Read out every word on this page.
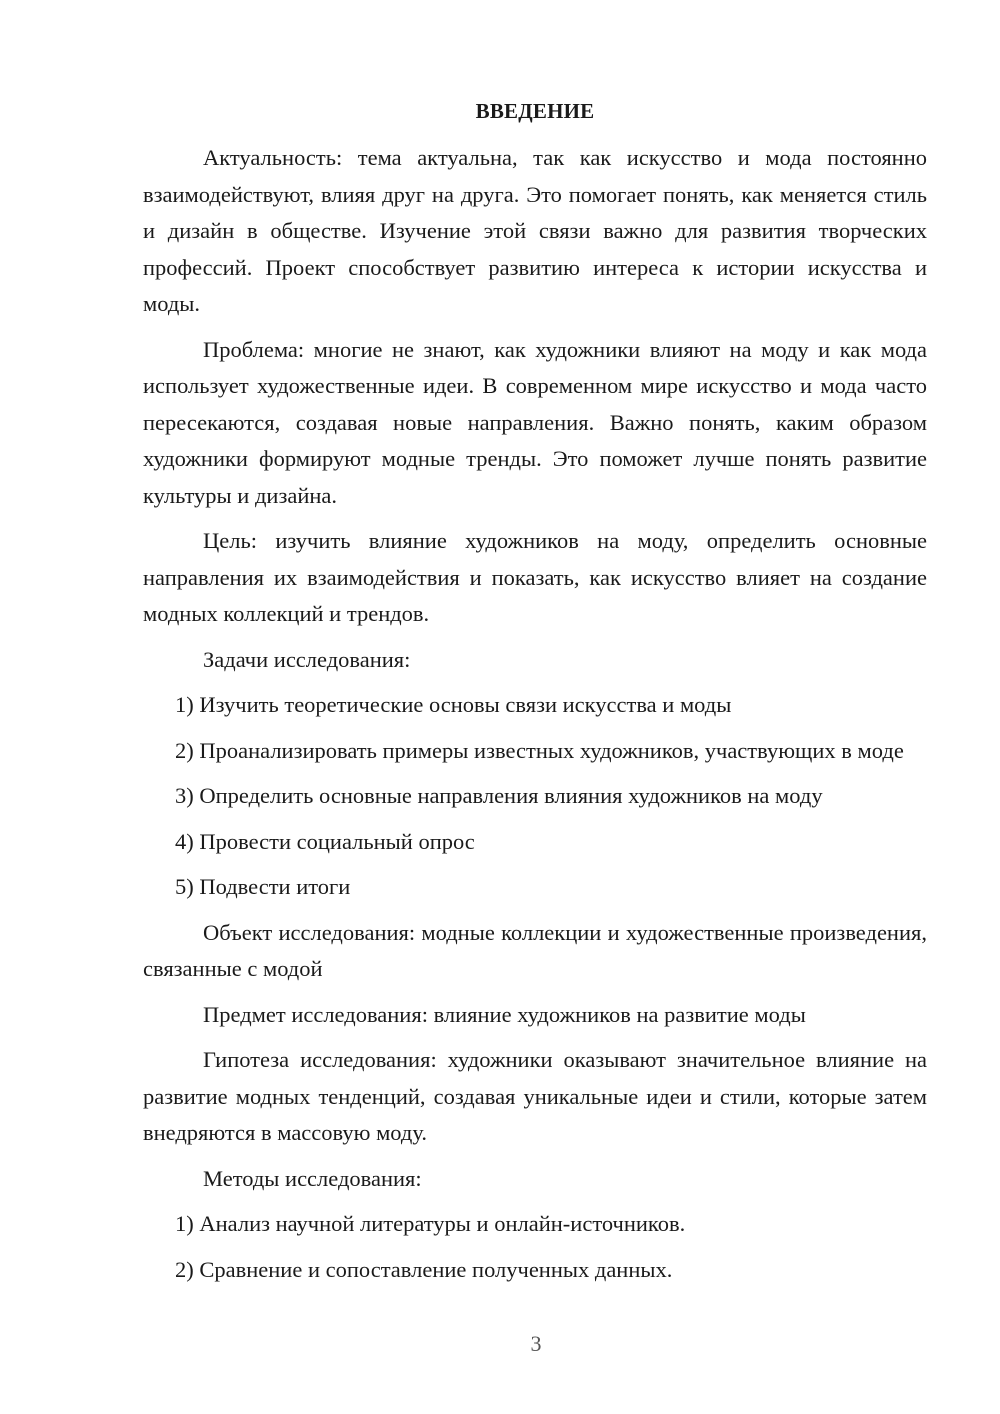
ВВЕДЕНИЕ

Актуальность: тема актуальна, так как искусство и мода постоянно взаимодействуют, влияя друг на друга. Это помогает понять, как меняется стиль и дизайн в обществе. Изучение этой связи важно для развития творческих профессий. Проект способствует развитию интереса к истории искусства и моды.

Проблема: многие не знают, как художники влияют на моду и как мода использует художественные идеи. В современном мире искусство и мода часто пересекаются, создавая новые направления. Важно понять, каким образом художники формируют модные тренды. Это поможет лучше понять развитие культуры и дизайна.

Цель: изучить влияние художников на моду, определить основные направления их взаимодействия и показать, как искусство влияет на создание модных коллекций и трендов.

Задачи исследования:

1) Изучить теоретические основы связи искусства и моды

2) Проанализировать примеры известных художников, участвующих в моде

3) Определить основные направления влияния художников на моду

4) Провести социальный опрос

5) Подвести итоги

Объект исследования: модные коллекции и художественные произведения, связанные с модой

Предмет исследования: влияние художников на развитие моды

Гипотеза исследования: художники оказывают значительное влияние на развитие модных тенденций, создавая уникальные идеи и стили, которые затем внедряются в массовую моду.

Методы исследования:

1) Анализ научной литературы и онлайн-источников.

2) Сравнение и сопоставление полученных данных.

3
